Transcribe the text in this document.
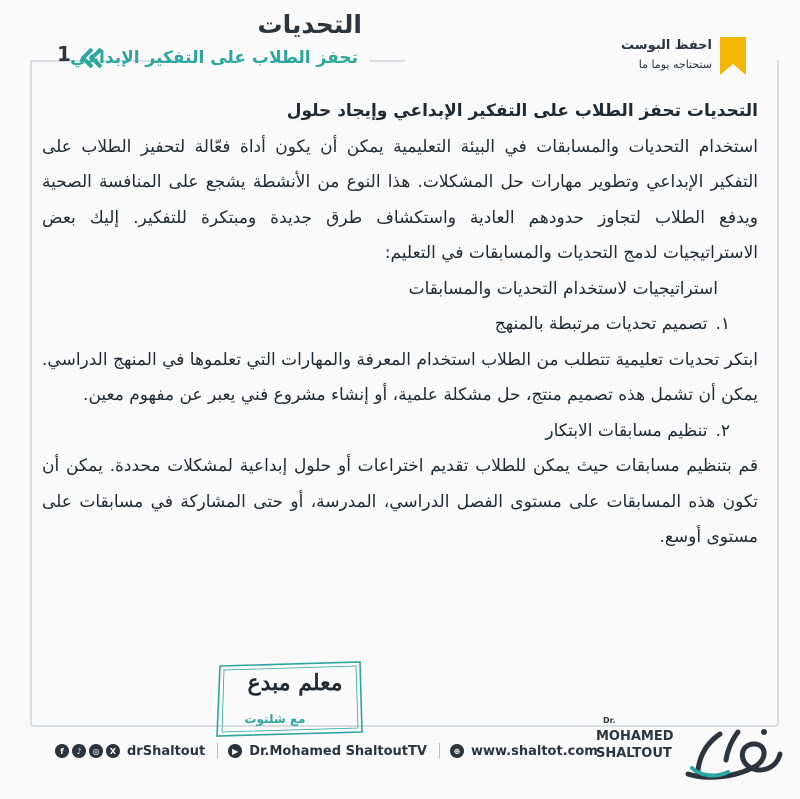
التحديات
تحفز الطلاب على التفكير الإبداعي
1	احفظ البوست
ستحتاجه يوما ما

التحديات تحفز الطلاب على التفكير الإبداعي وإيجاد حلول

استخدام التحديات والمسابقات في البيئة التعليمية يمكن أن يكون أداة فعّالة لتحفيز الطلاب على التفكير الإبداعي وتطوير مهارات حل المشكلات. هذا النوع من الأنشطة يشجع على المنافسة الصحية ويدفع الطلاب لتجاوز حدودهم العادية واستكشاف طرق جديدة ومبتكرة للتفكير. إليك بعض الاستراتيجيات لدمج التحديات والمسابقات في التعليم:

استراتيجيات لاستخدام التحديات والمسابقات

١.
تصميم تحديات مرتبطة بالمنهج

ابتكر تحديات تعليمية تتطلب من الطلاب استخدام المعرفة والمهارات التي تعلموها في المنهج الدراسي. يمكن أن تشمل هذه تصميم منتج، حل مشكلة علمية، أو إنشاء مشروع فني يعبر عن مفهوم معين.

٢.
تنظيم مسابقات الابتكار

قم بتنظيم مسابقات حيث يمكن للطلاب تقديم اختراعات أو حلول إبداعية لمشكلات محددة. يمكن أن تكون هذه المسابقات على مستوى الفصل الدراسي، المدرسة، أو حتى المشاركة في مسابقات على مستوى أوسع.

معلم مبدع
مع شلتوت	Dr.
MOHAMED
SHALTOUT
f	♪	◎	X drShaltout	▶ Dr.Mohamed ShaltoutTV	⊕ www.shaltot.com
